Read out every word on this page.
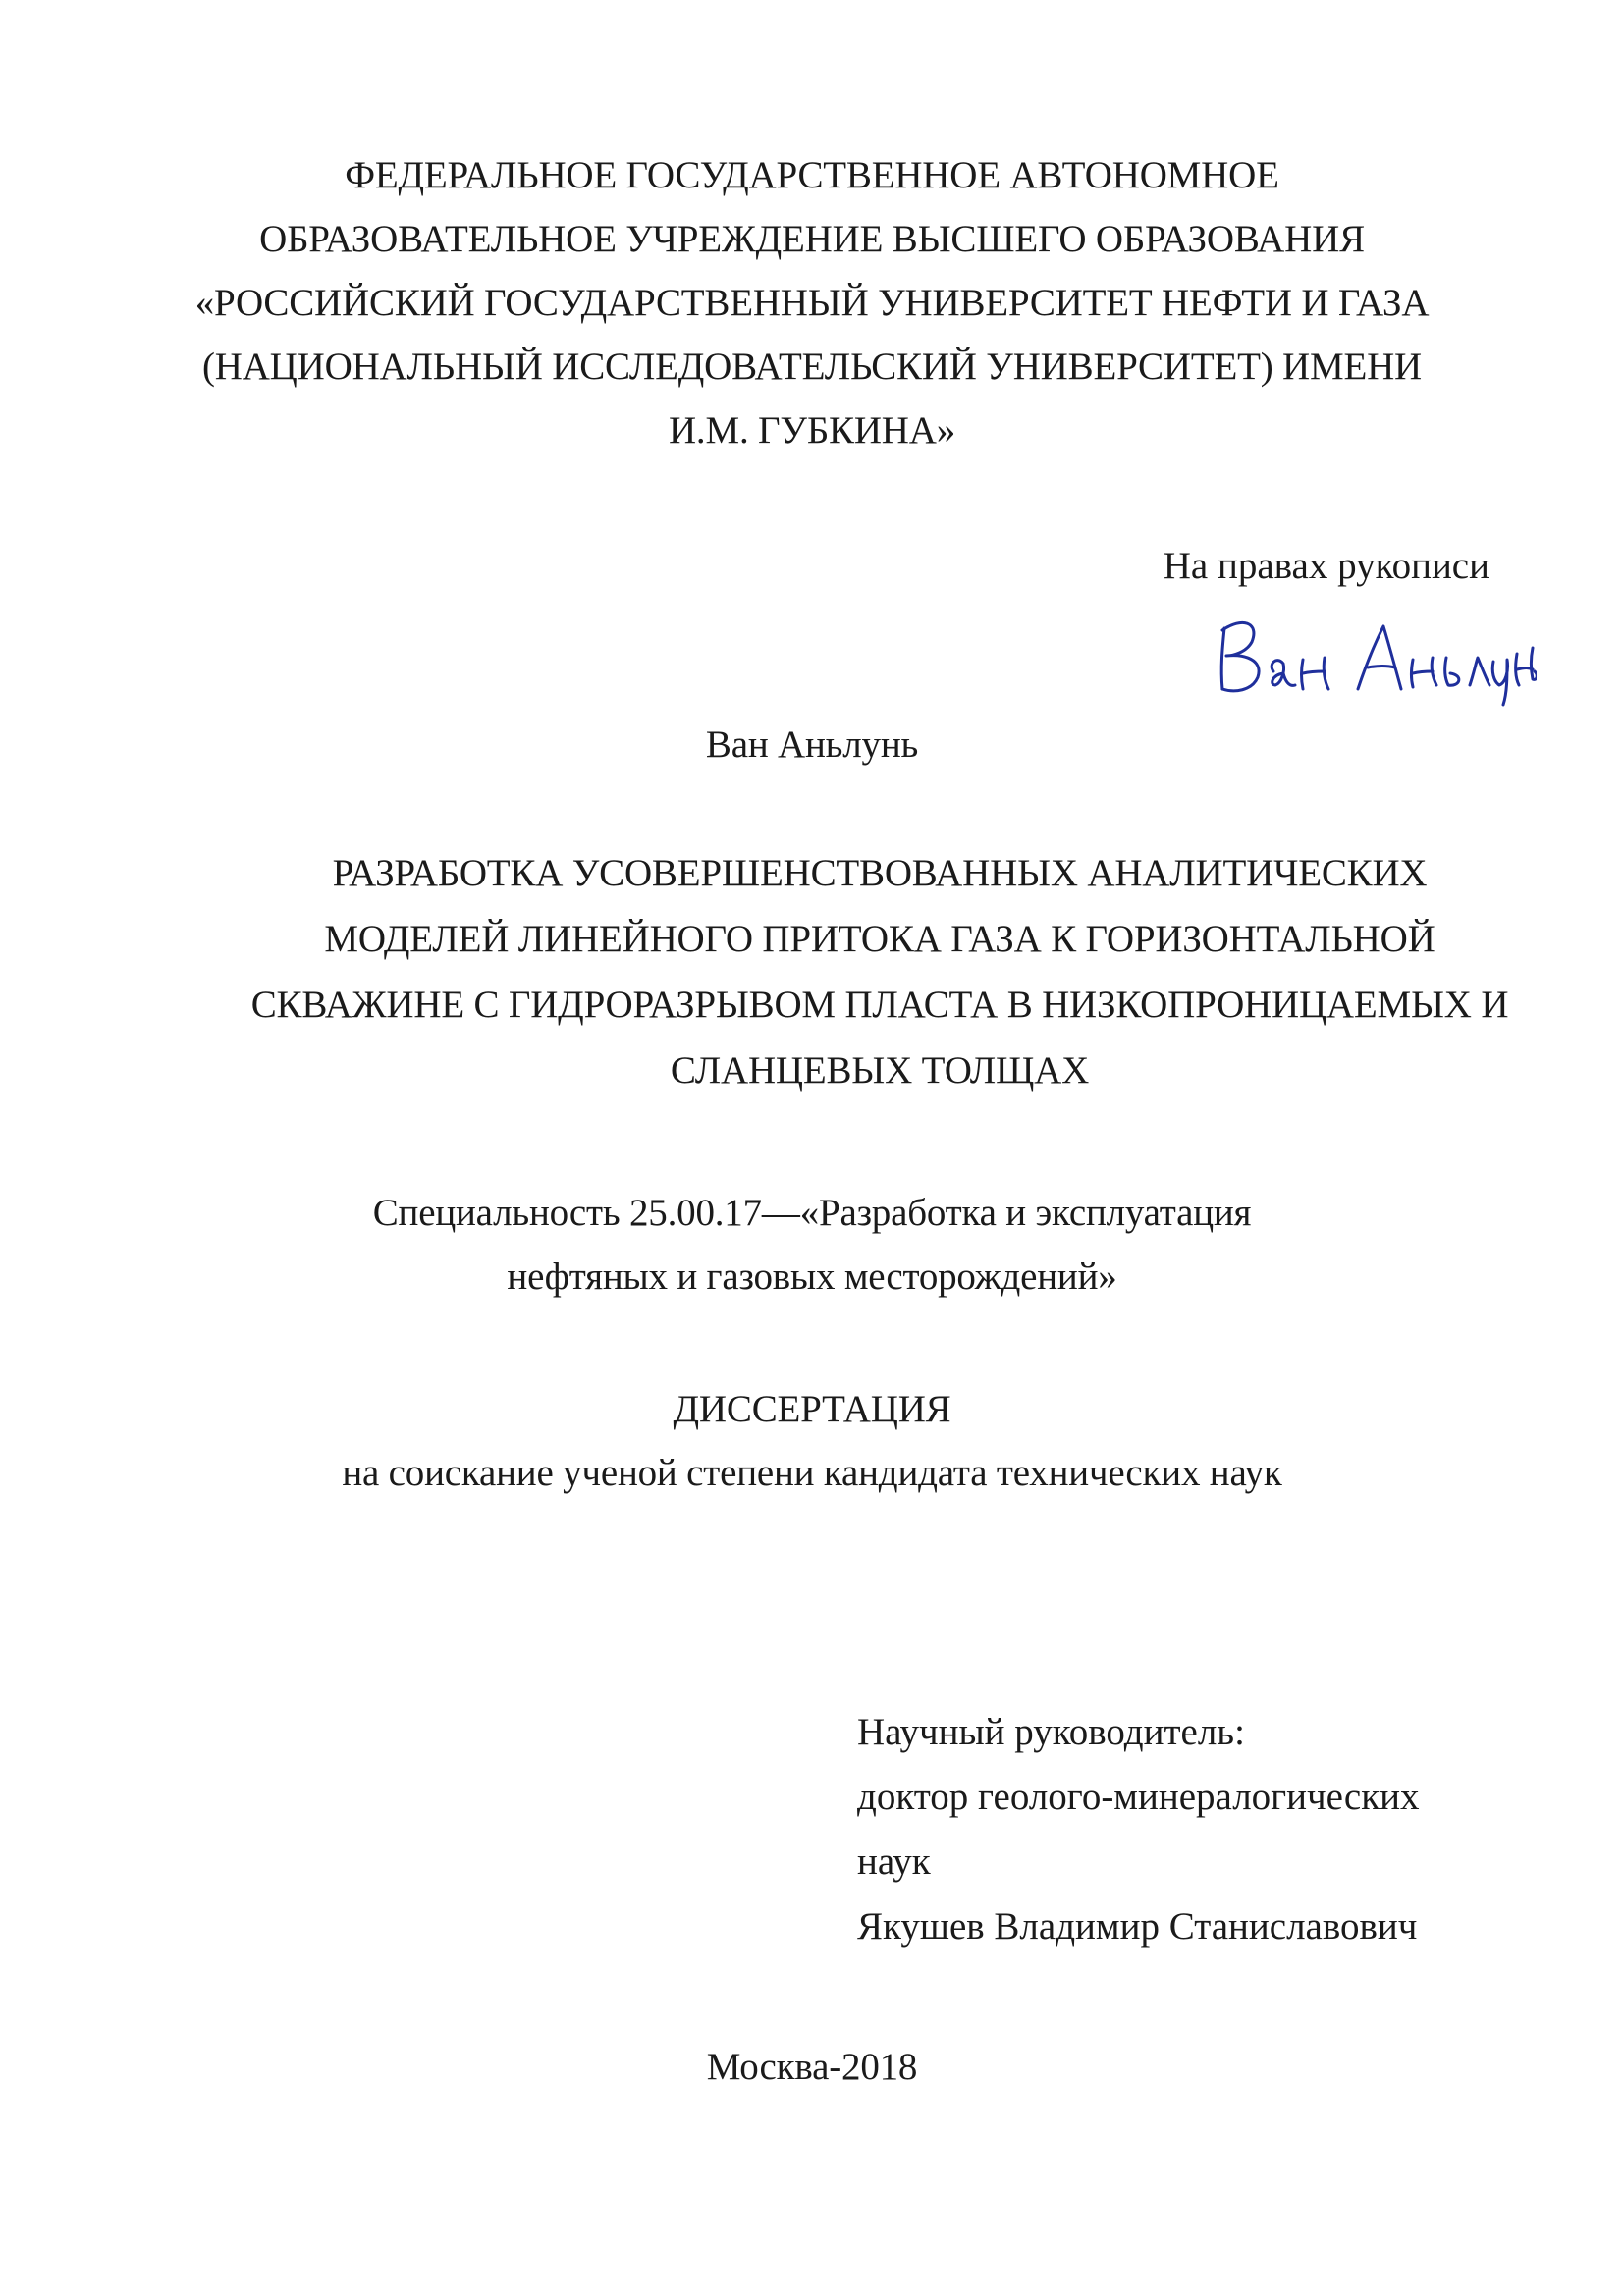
ФЕДЕРАЛЬНОЕ ГОСУДАРСТВЕННОЕ АВТОНОМНОЕ
ОБРАЗОВАТЕЛЬНОЕ УЧРЕЖДЕНИЕ ВЫСШЕГО ОБРАЗОВАНИЯ
«РОССИЙСКИЙ ГОСУДАРСТВЕННЫЙ УНИВЕРСИТЕТ НЕФТИ И ГАЗА
(НАЦИОНАЛЬНЫЙ ИССЛЕДОВАТЕЛЬСКИЙ УНИВЕРСИТЕТ) ИМЕНИ
И.М. ГУБКИНА»
На правах рукописи
Ван Аньлунь
РАЗРАБОТКА УСОВЕРШЕНСТВОВАННЫХ АНАЛИТИЧЕСКИХ
МОДЕЛЕЙ ЛИНЕЙНОГО ПРИТОКА ГАЗА К ГОРИЗОНТАЛЬНОЙ
СКВАЖИНЕ С ГИДРОРАЗРЫВОМ ПЛАСТА В НИЗКОПРОНИЦАЕМЫХ И
СЛАНЦЕВЫХ ТОЛЩАХ
Специальность 25.00.17—«Разработка и эксплуатация
нефтяных и газовых месторождений»
ДИССЕРТАЦИЯ
на соискание ученой степени кандидата технических наук
Научный руководитель:
доктор геолого-минералогических
наук
Якушев Владимир Станиславович
Москва-2018
